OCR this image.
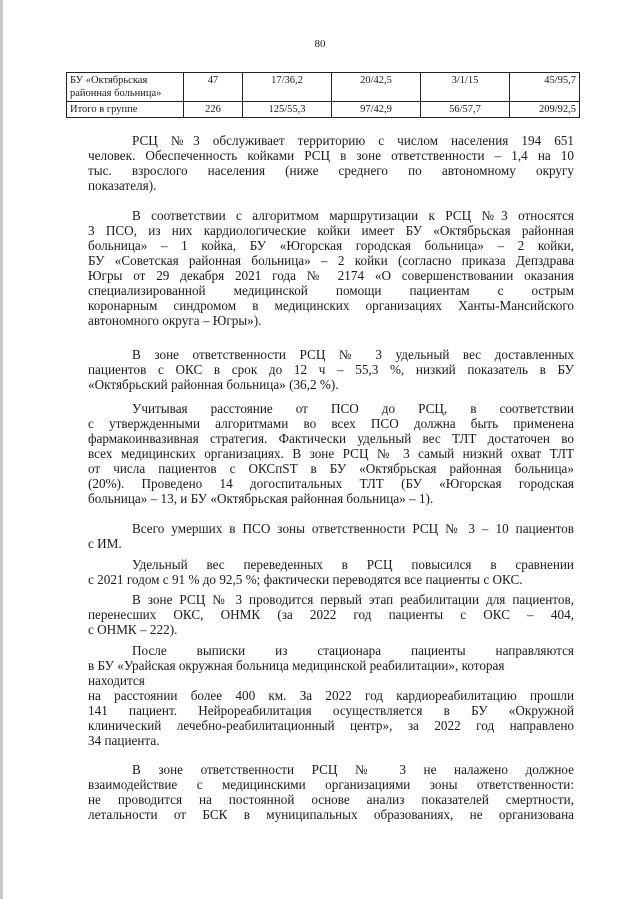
80
БУ «Октябрьская
районная больница»	47	17/36,2	20/42,5	3/1/15	45/95,7

Итого в группе	226	125/55,3	97/42,9	56/57,7	209/92,5
РСЦ №3 обслуживает территорию с числом населения 194 651
человек. Обеспеченность койками РСЦ в зоне ответственности – 1,4 на 10
тыс. взрослого населения (ниже среднего по автономному округу
показателя).
В соответствии с алгоритмом маршрутизации к РСЦ №3 относятся
3 ПСО, из них кардиологические койки имеет БУ «Октябрьская районная
больница» – 1 койка, БУ «Югорская городская больница» – 2 койки,
БУ «Советская районная больница» – 2 койки (согласно приказа Депздрава
Югры от 29 декабря 2021 года № 2174 «О совершенствовании оказания
специализированной медицинской помощи пациентам с острым
коронарным синдромом в медицинских организациях Ханты-Мансийского
автономного округа – Югры»).
В зоне ответственности РСЦ № 3 удельный вес доставленных
пациентов с ОКС в срок до 12 ч – 55,3 %, низкий показатель в БУ
«Октябрьский районная больница» (36,2 %).
Учитывая расстояние от ПСО до РСЦ, в соответствии
с утвержденными алгоритмами во всех ПСО должна быть применена
фармакоинвазивная стратегия. Фактически удельный вес ТЛТ достаточен во
всех медицинских организациях. В зоне РСЦ № 3 самый низкий охват ТЛТ
от числа пациентов с ОКСпST в БУ «Октябрьская районная больница»
(20%). Проведено 14 догоспитальных ТЛТ (БУ «Югорская городская
больница» – 13, и БУ «Октябрьская районная больница» – 1).
Всего умерших в ПСО зоны ответственности РСЦ № 3 – 10 пациентов
с ИМ.
Удельный вес переведенных в РСЦ повысился в сравнении
с 2021 годом с 91 % до 92,5 %; фактически переводятся все пациенты с ОКС.
В зоне РСЦ № 3 проводится первый этап реабилитации для пациентов,
перенесших ОКС, ОНМК (за 2022 год пациенты с ОКС – 404,
с ОНМК – 222).
После выписки из стационара пациенты направляются
в БУ «Урайская окружная больница медицинской реабилитации», которая
находится
на расстоянии более 400 км. За 2022 год кардиореабилитацию прошли
141 пациент. Нейрореабилитация осуществляется в БУ «Окружной
клинический лечебно-реабилитационный центр», за 2022 год направлено
34 пациента.
В зоне ответственности РСЦ № 3 не налажено должное
взаимодействие с медицинскими организациями зоны ответственности:
не проводится на постоянной основе анализ показателей смертности,
летальности от БСК в муниципальных образованиях, не организована
